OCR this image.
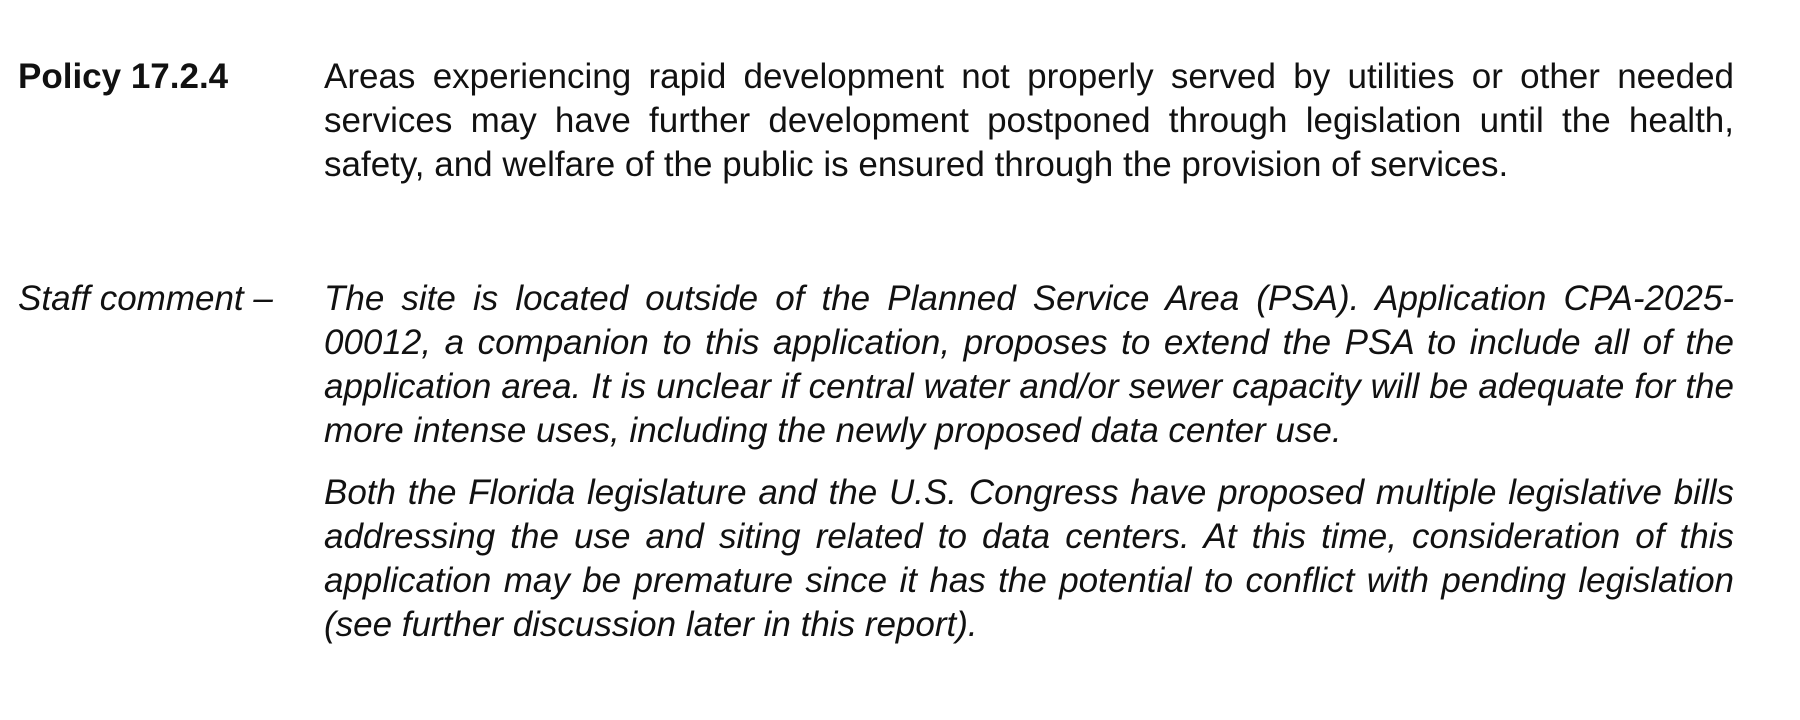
Policy 17.2.4	Areas experiencing rapid development not properly served by utilities or other needed services may have further development postponed through legislation until the health, safety, and welfare of the public is ensured through the provision of services.

Staff comment –	The site is located outside of the Planned Service Area (PSA). Application CPA-2025-00012, a companion to this application, proposes to extend the PSA to include all of the application area. It is unclear if central water and/or sewer capacity will be adequate for the more intense uses, including the newly proposed data center use.

Both the Florida legislature and the U.S. Congress have proposed multiple legislative bills addressing the use and siting related to data centers. At this time, consideration of this application may be premature since it has the potential to conflict with pending legislation (see further discussion later in this report).
